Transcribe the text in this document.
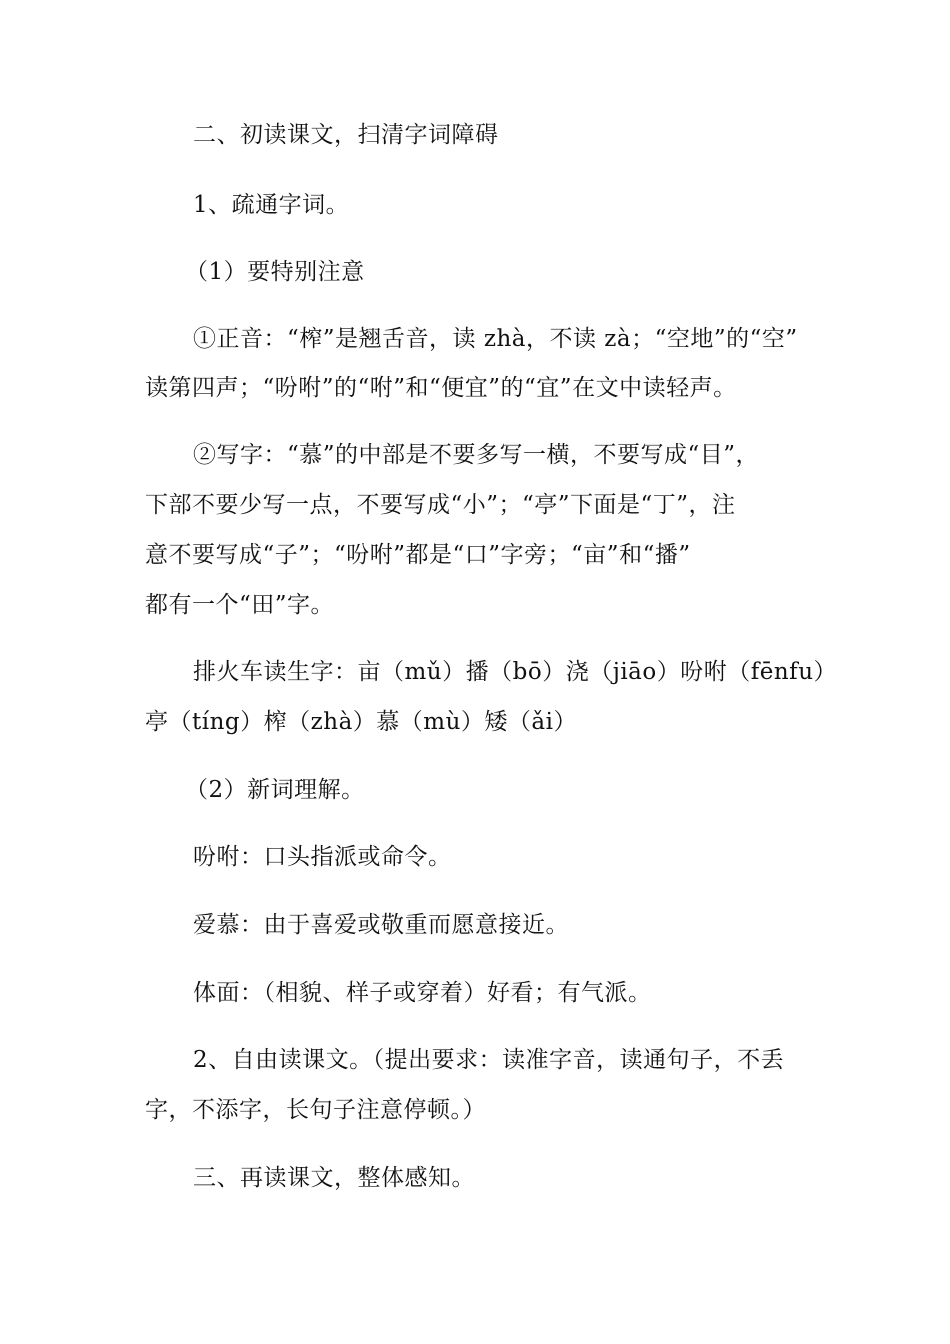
二、初读课文，扫清字词障碍
1、疏通字词。
（1）要特别注意
①正音：“榨”是翘舌音，读 zhà，不读 zà；“空地”的“空”
读第四声；“吩咐”的“咐”和“便宜”的“宜”在文中读轻声。
②写字：“慕”的中部是不要多写一横，不要写成“目”，
下部不要少写一点，不要写成“小”；“亭”下面是“丁”，注
意不要写成“子”；“吩咐”都是“口”字旁；“亩”和“播”
都有一个“田”字。
排火车读生字：亩（mǔ）播（bō）浇（jiāo）吩咐（fēnfu）
亭（tíng）榨（zhà）慕（mù）矮（ǎi）
（2）新词理解。
吩咐：口头指派或命令。
爱慕：由于喜爱或敬重而愿意接近。
体面：（相貌、样子或穿着）好看；有气派。
2、自由读课文。（提出要求：读准字音，读通句子，不丢
字，不添字，长句子注意停顿。）
三、再读课文，整体感知。
